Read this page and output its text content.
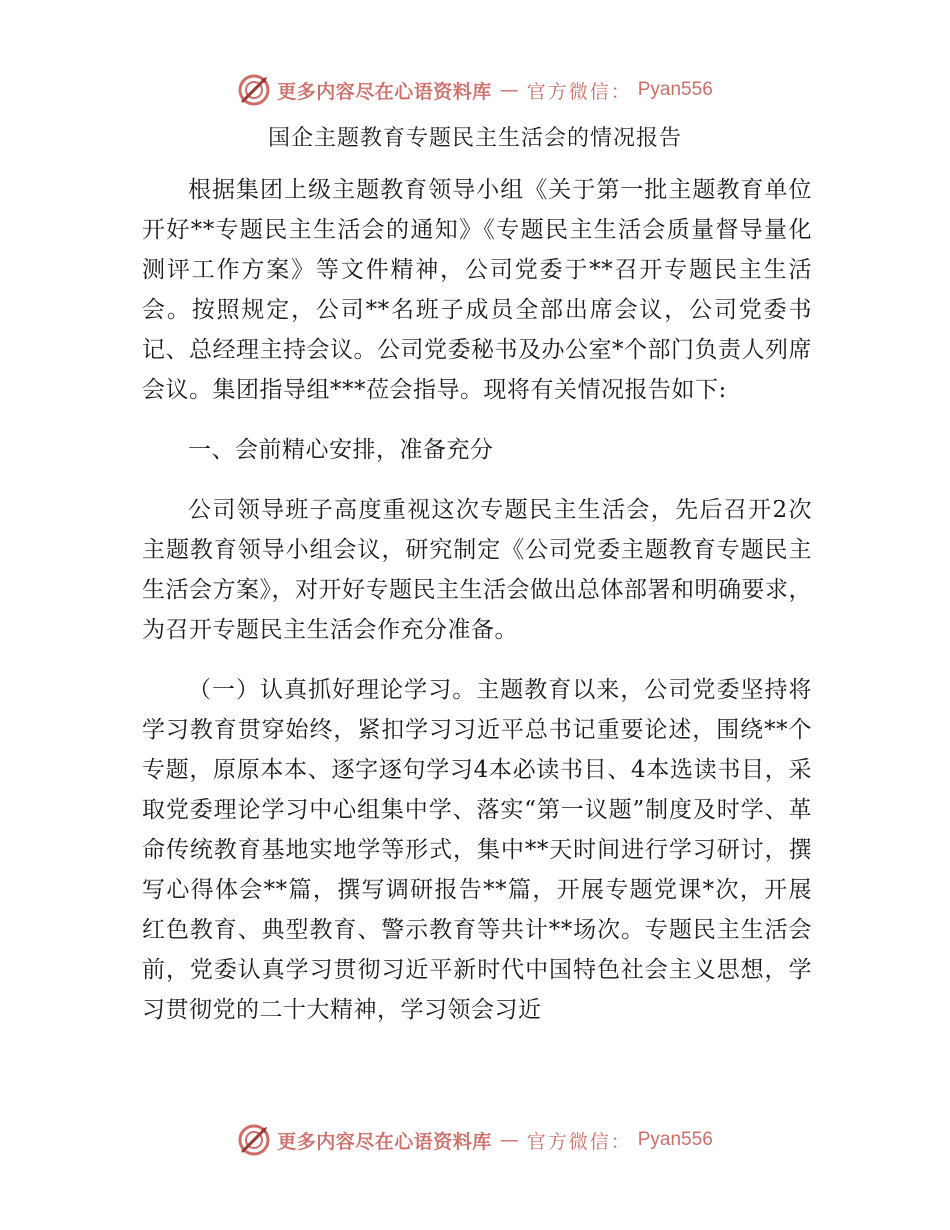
更多内容尽在心语资料库 — 官方微信： Pyan556
国企主题教育专题民主生活会的情况报告

根据集团上级主题教育领导小组《关于第一批主题教育单位开好**专题民主生活会的通知》《专题民主生活会质量督导量化测评工作方案》等文件精神，公司党委于**召开专题民主生活会。按照规定，公司**名班子成员全部出席会议，公司党委书记、总经理主持会议。公司党委秘书及办公室*个部门负责人列席会议。集团指导组***莅会指导。现将有关情况报告如下:

一、会前精心安排，准备充分

公司领导班子高度重视这次专题民主生活会，先后召开2次主题教育领导小组会议，研究制定《公司党委主题教育专题民主生活会方案》，对开好专题民主生活会做出总体部署和明确要求，为召开专题民主生活会作充分准备。

（一）认真抓好理论学习。主题教育以来，公司党委坚持将学习教育贯穿始终，紧扣学习习近平总书记重要论述，围绕**个专题，原原本本、逐字逐句学习4本必读书目、4本选读书目，采取党委理论学习中心组集中学、落实“第一议题”制度及时学、革命传统教育基地实地学等形式，集中**天时间进行学习研讨，撰写心得体会**篇，撰写调研报告**篇，开展专题党课*次，开展红色教育、典型教育、警示教育等共计**场次。专题民主生活会前，党委认真学习贯彻习近平新时代中国特色社会主义思想，学习贯彻党的二十大精神，学习领会习近

更多内容尽在心语资料库 — 官方微信： Pyan556
